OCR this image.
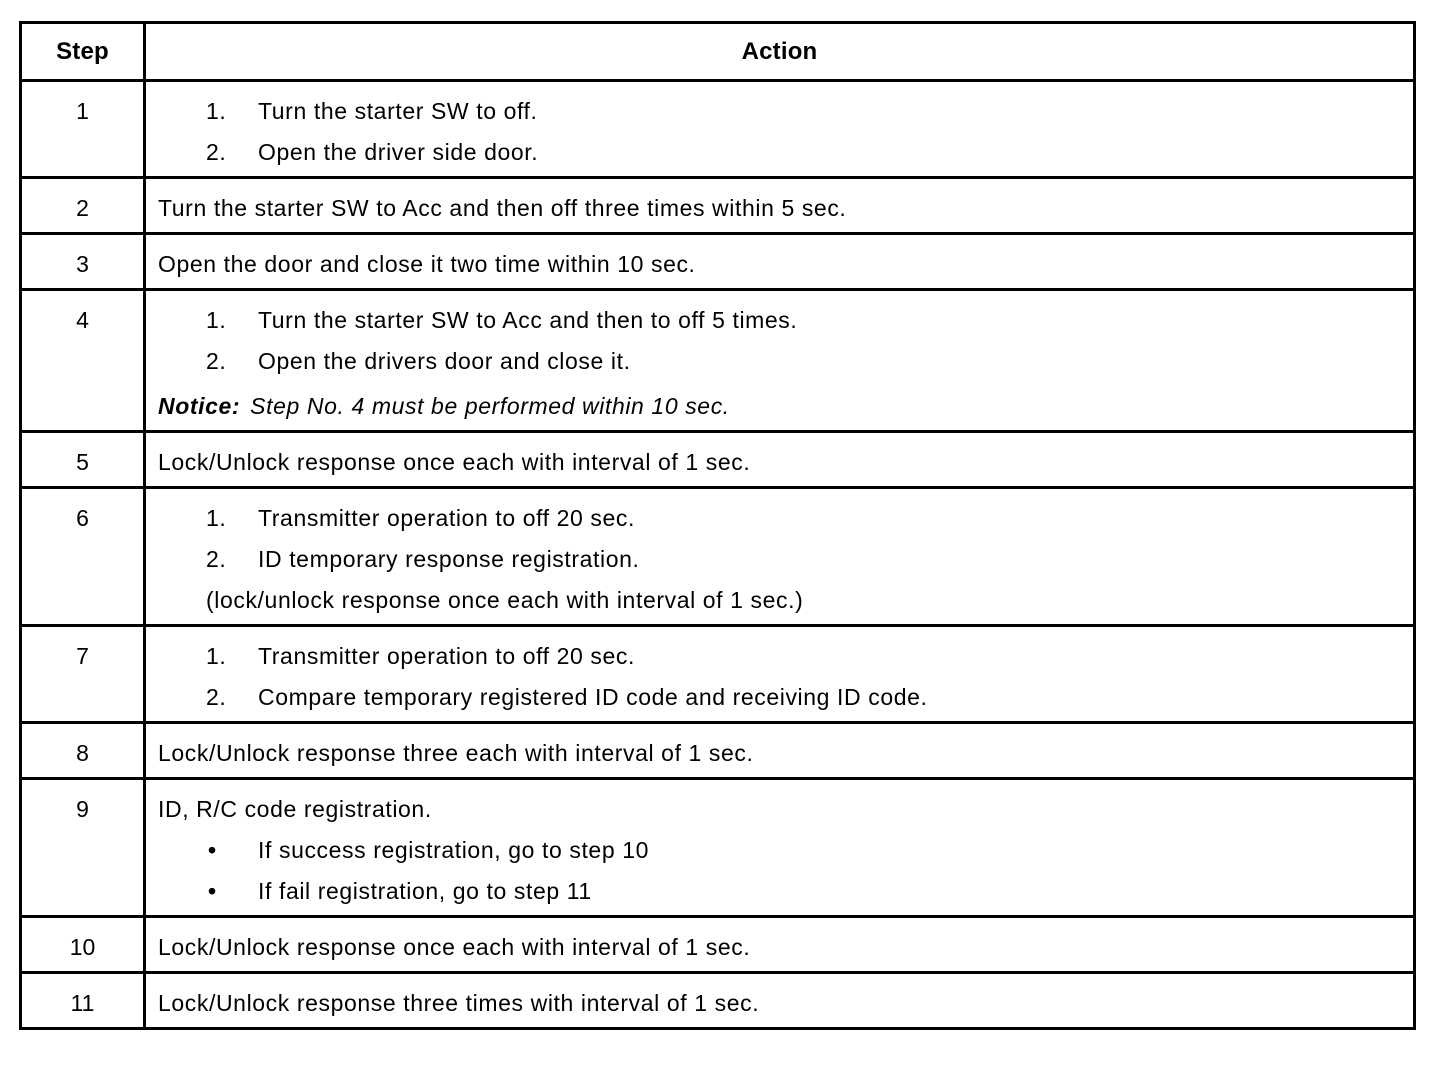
Step	Action
1	1. Turn the starter SW to off.
2. Open the driver side door.

2	Turn the starter SW to Acc and then off three times within 5 sec.

3	Open the door and close it two time within 10 sec.

4	1. Turn the starter SW to Acc and then to off 5 times.
2. Open the drivers door and close it.
Notice: Step No. 4 must be performed within 10 sec.

5	Lock/Unlock response once each with interval of 1 sec.

6	1. Transmitter operation to off 20 sec.
2. ID temporary response registration.
(lock/unlock response once each with interval of 1 sec.)

7	1. Transmitter operation to off 20 sec.
2. Compare temporary registered ID code and receiving ID code.

8	Lock/Unlock response three each with interval of 1 sec.

9	ID, R/C code registration.
• If success registration, go to step 10
• If fail registration, go to step 11

10	Lock/Unlock response once each with interval of 1 sec.

11	Lock/Unlock response three times with interval of 1 sec.
